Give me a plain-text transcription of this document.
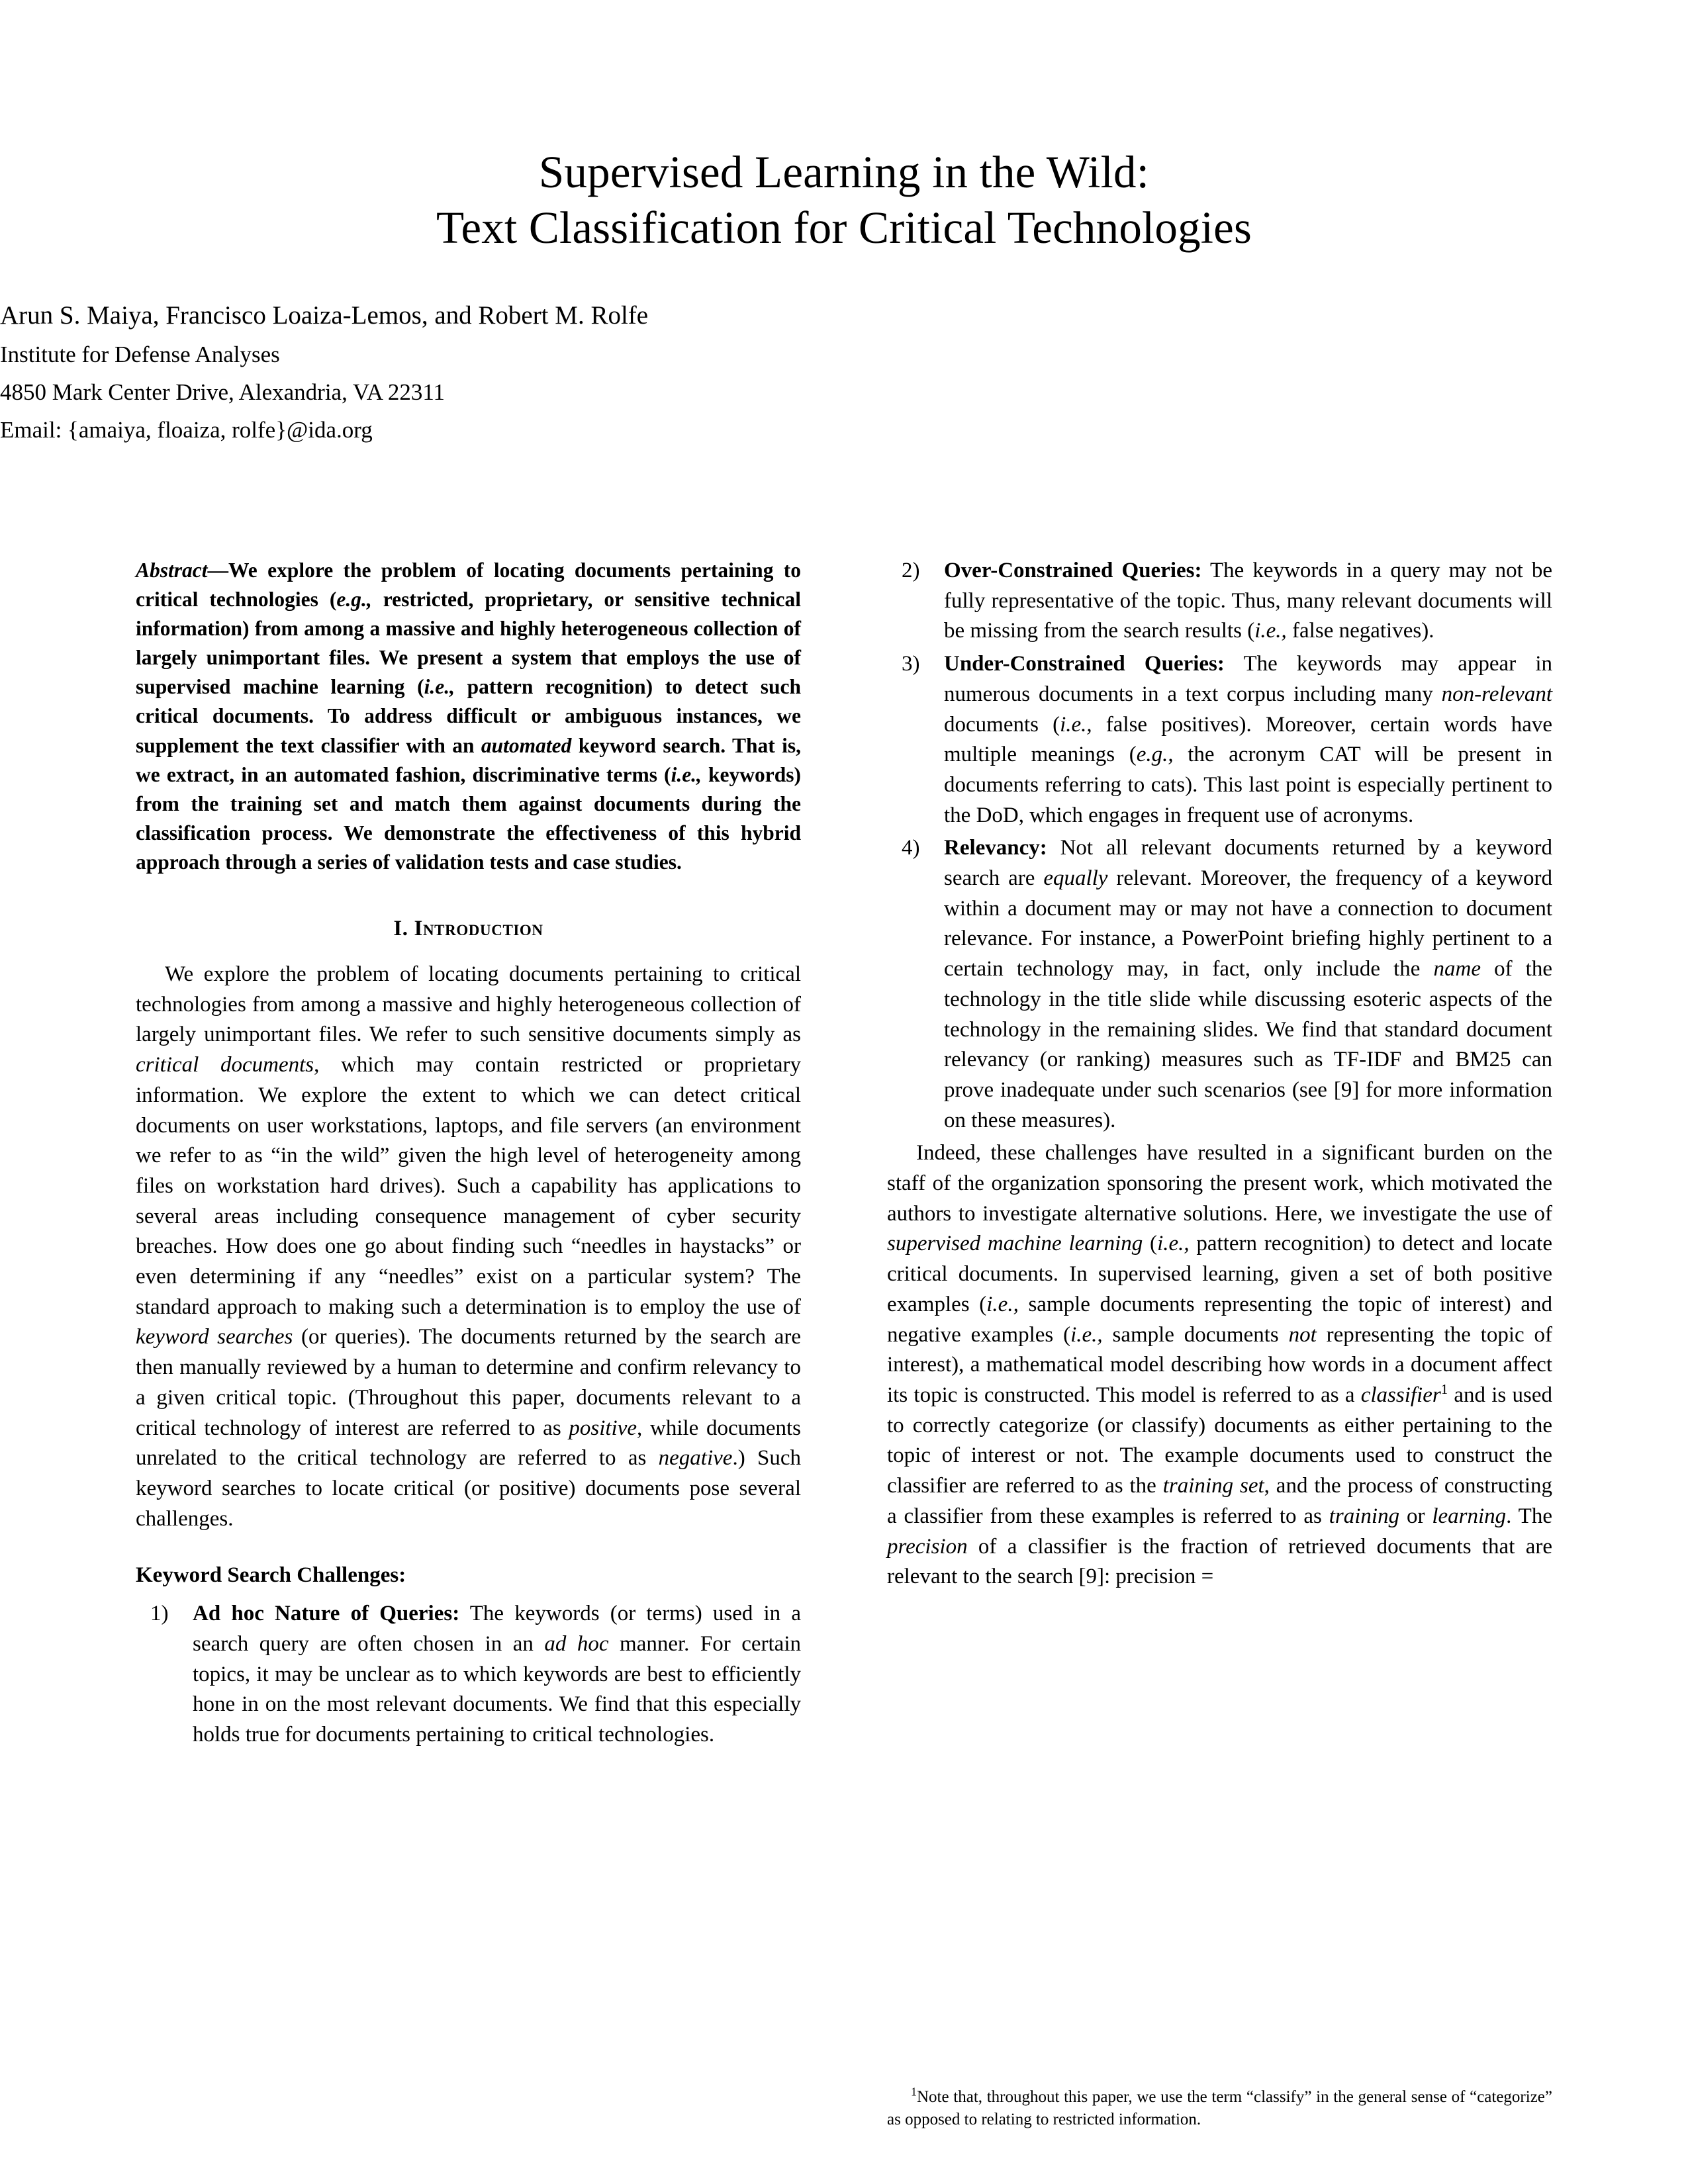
Supervised Learning in the Wild:
Text Classification for Critical Technologies

Arun S. Maiya, Francisco Loaiza-Lemos, and Robert M. Rolfe

Institute for Defense Analyses

4850 Mark Center Drive, Alexandria, VA 22311

Email: {amaiya, floaiza, rolfe}@ida.org

Abstract—We explore the problem of locating documents pertaining to critical technologies (e.g., restricted, proprietary, or sensitive technical information) from among a massive and highly heterogeneous collection of largely unimportant files. We present a system that employs the use of supervised machine learning (i.e., pattern recognition) to detect such critical documents. To address difficult or ambiguous instances, we supplement the text classifier with an automated keyword search. That is, we extract, in an automated fashion, discriminative terms (i.e., keywords) from the training set and match them against documents during the classification process. We demonstrate the effectiveness of this hybrid approach through a series of validation tests and case studies.

I. Introduction

We explore the problem of locating documents pertaining to critical technologies from among a massive and highly heterogeneous collection of largely unimportant files. We refer to such sensitive documents simply as critical documents, which may contain restricted or proprietary information. We explore the extent to which we can detect critical documents on user workstations, laptops, and file servers (an environment we refer to as “in the wild” given the high level of heterogeneity among files on workstation hard drives). Such a capability has applications to several areas including consequence management of cyber security breaches. How does one go about finding such “needles in haystacks” or even determining if any “needles” exist on a particular system? The standard approach to making such a determination is to employ the use of keyword searches (or queries). The documents returned by the search are then manually reviewed by a human to determine and confirm relevancy to a given critical topic. (Throughout this paper, documents relevant to a critical technology of interest are referred to as positive, while documents unrelated to the critical technology are referred to as negative.) Such keyword searches to locate critical (or positive) documents pose several challenges.

Keyword Search Challenges:

1)	Ad hoc Nature of Queries: The keywords (or terms) used in a search query are often chosen in an ad hoc manner. For certain topics, it may be unclear as to which keywords are best to efficiently hone in on the most relevant documents. We find that this especially holds true for documents pertaining to critical technologies.
2)	Over-Constrained Queries: The keywords in a query may not be fully representative of the topic. Thus, many relevant documents will be missing from the search results (i.e., false negatives).
3)	Under-Constrained Queries: The keywords may appear in numerous documents in a text corpus including many non-relevant documents (i.e., false positives). Moreover, certain words have multiple meanings (e.g., the acronym CAT will be present in documents referring to cats). This last point is especially pertinent to the DoD, which engages in frequent use of acronyms.
4)	Relevancy: Not all relevant documents returned by a keyword search are equally relevant. Moreover, the frequency of a keyword within a document may or may not have a connection to document relevance. For instance, a PowerPoint briefing highly pertinent to a certain technology may, in fact, only include the name of the technology in the title slide while discussing esoteric aspects of the technology in the remaining slides. We find that standard document relevancy (or ranking) measures such as TF-IDF and BM25 can prove inadequate under such scenarios (see [9] for more information on these measures).

Indeed, these challenges have resulted in a significant burden on the staff of the organization sponsoring the present work, which motivated the authors to investigate alternative solutions. Here, we investigate the use of supervised machine learning (i.e., pattern recognition) to detect and locate critical documents. In supervised learning, given a set of both positive examples (i.e., sample documents representing the topic of interest) and negative examples (i.e., sample documents not representing the topic of interest), a mathematical model describing how words in a document affect its topic is constructed. This model is referred to as a classifier$^1$ and is used to correctly categorize (or classify) documents as either pertaining to the topic of interest or not. The example documents used to construct the classifier are referred to as the training set, and the process of constructing a classifier from these examples is referred to as training or learning. The precision of a classifier is the fraction of retrieved documents that are relevant to the search [9]: precision =

$^1$Note that, throughout this paper, we use the term “classify” in the general sense of “categorize” as opposed to relating to restricted information.
